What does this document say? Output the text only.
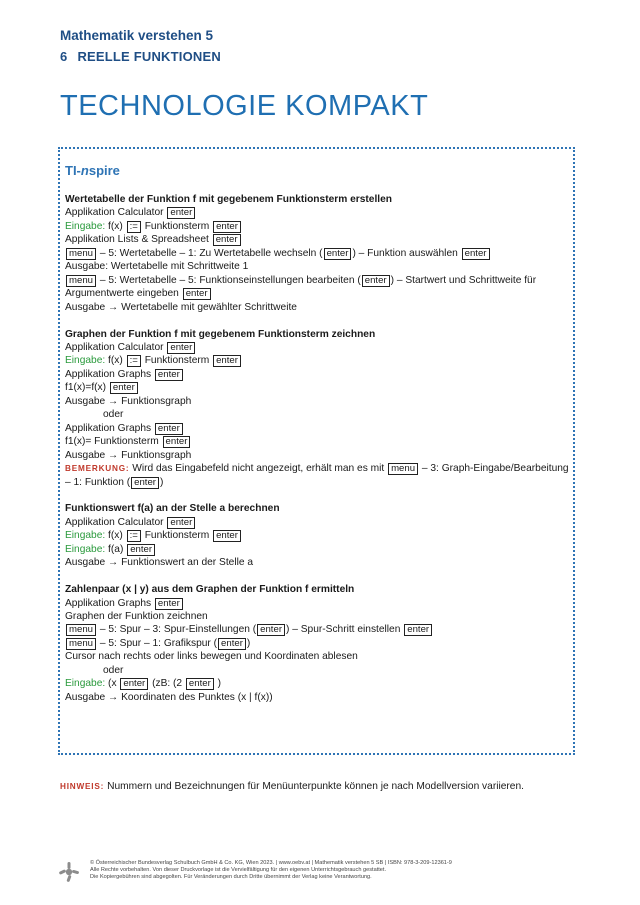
Mathematik verstehen 5
6 REELLE FUNKTIONEN
TECHNOLOGIE KOMPAKT
TI-nspire
Wertetabelle der Funktion f mit gegebenem Funktionsterm erstellen
Applikation Calculator enter
Eingabe: f(x) := Funktionsterm enter
Applikation Lists & Spreadsheet enter
menu – 5: Wertetabelle – 1: Zu Wertetabelle wechseln ( enter ) – Funktion auswählen enter
Ausgabe: Wertetabelle mit Schrittweite 1
menu – 5: Wertetabelle – 5: Funktionseinstellungen bearbeiten ( enter ) – Startwert und Schrittweite für Argumentwerte eingeben enter
Ausgabe → Wertetabelle mit gewählter Schrittweite
Graphen der Funktion f mit gegebenem Funktionsterm zeichnen
Applikation Calculator enter
Eingabe: f(x) := Funktionsterm enter
Applikation Graphs enter
f1(x)=f(x) enter
Ausgabe → Funktionsgraph
oder
Applikation Graphs enter
f1(x)= Funktionsterm enter
Ausgabe → Funktionsgraph
BEMERKUNG: Wird das Eingabefeld nicht angezeigt, erhält man es mit menu – 3: Graph-Eingabe/Bearbeitung – 1: Funktion ( enter )
Funktionswert f(a) an der Stelle a berechnen
Applikation Calculator enter
Eingabe: f(x) := Funktionsterm enter
Eingabe: f(a) enter
Ausgabe → Funktionswert an der Stelle a
Zahlenpaar (x | y) aus dem Graphen der Funktion f ermitteln
Applikation Graphs enter
Graphen der Funktion zeichnen
menu – 5: Spur – 3: Spur-Einstellungen ( enter ) – Spur-Schritt einstellen enter
menu – 5: Spur – 1: Grafikspur ( enter )
Cursor nach rechts oder links bewegen und Koordinaten ablesen
oder
Eingabe: (x enter (zB: (2 enter )
Ausgabe → Koordinaten des Punktes (x | f(x))
HINWEIS: Nummern und Bezeichnungen für Menüunterpunkte können je nach Modellversion variieren.
© Österreichischer Bundesverlag Schulbuch GmbH & Co. KG, Wien 2023. | www.oebv.at | Mathematik verstehen 5 SB | ISBN: 978-3-209-12361-9
Alle Rechte vorbehalten. Von dieser Druckvorlage ist die Vervielfältigung für den eigenen Unterrichtsgebrauch gestattet.
Die Kopiergebühren sind abgegolten. Für Veränderungen durch Dritte übernimmt der Verlag keine Verantwortung.
